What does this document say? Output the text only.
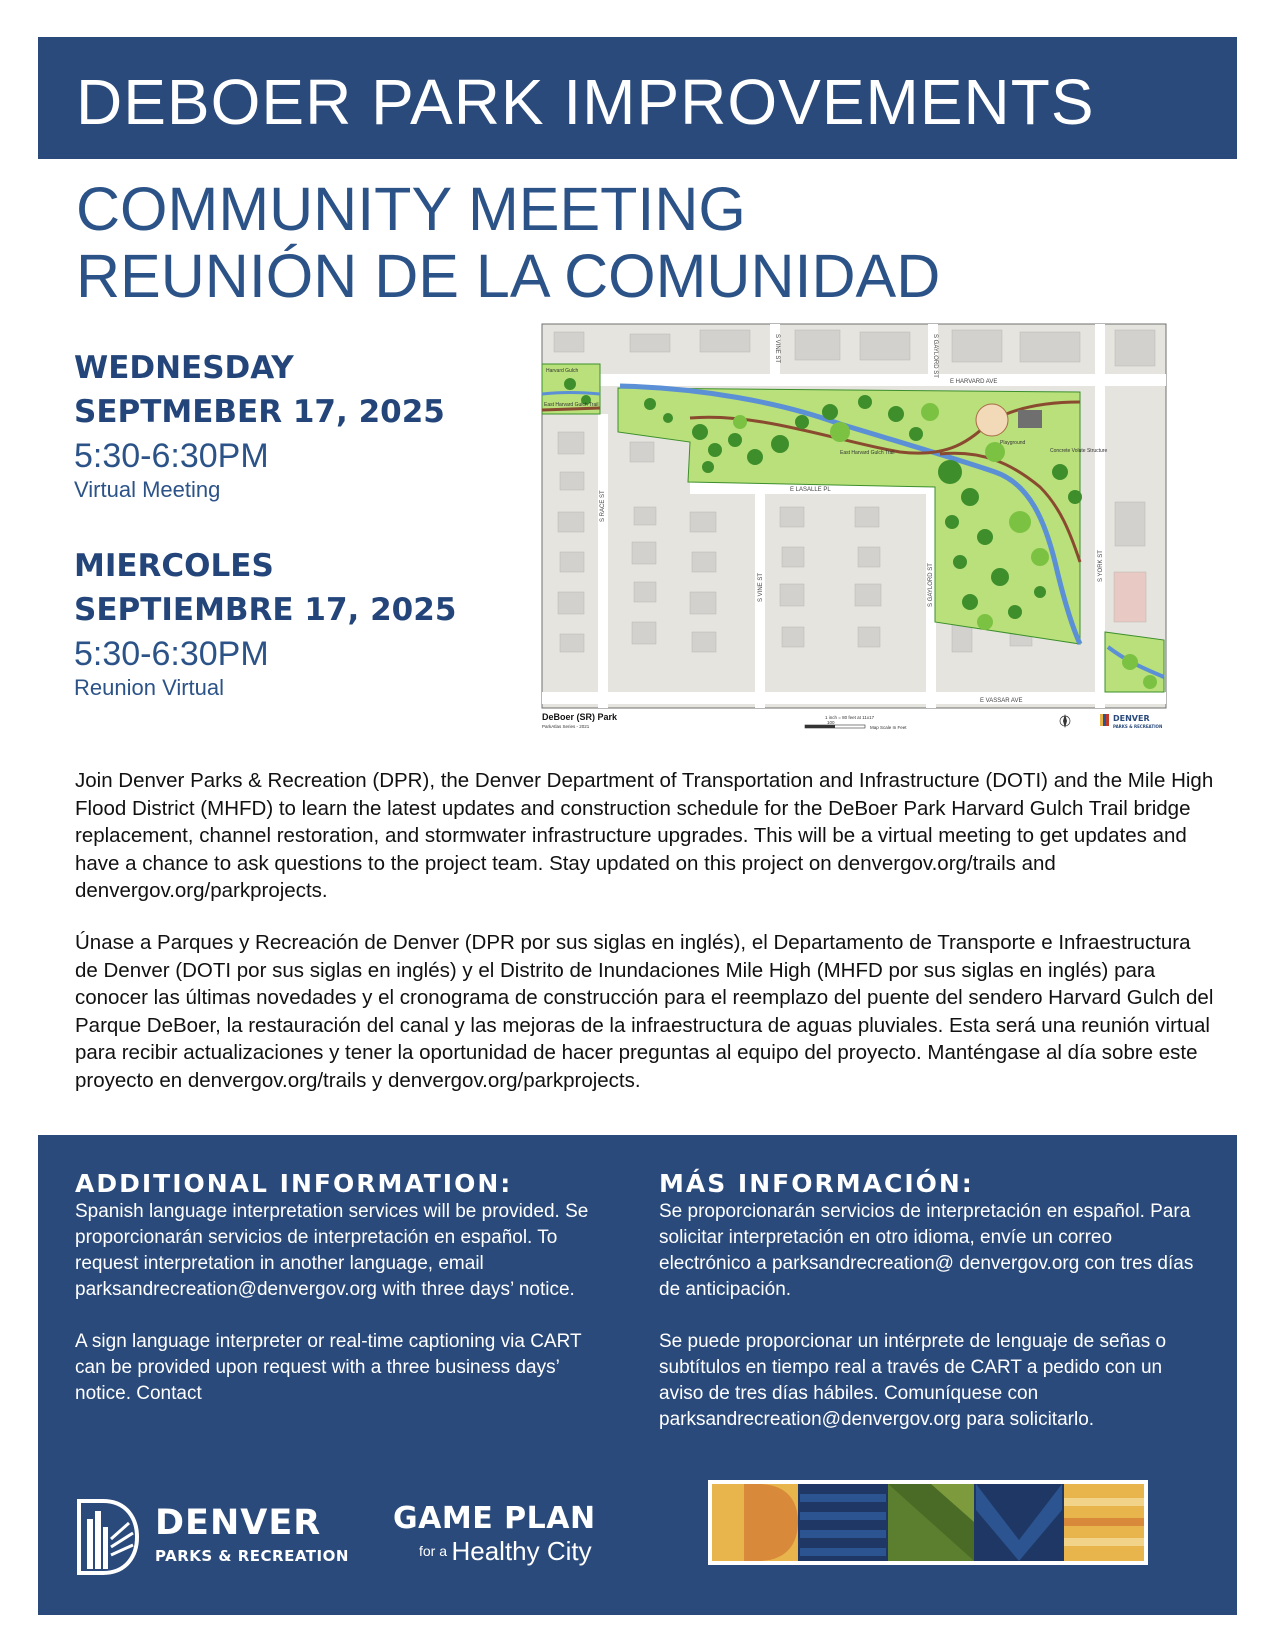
DEBOER PARK IMPROVEMENTS
COMMUNITY MEETING
REUNIÓN DE LA COMUNIDAD
WEDNESDAY
SEPTMEBER 17, 2025
5:30-6:30PM
Virtual Meeting
MIERCOLES
SEPTIEMBRE 17, 2025
5:30-6:30PM
Reunion Virtual
S VINE ST	S GAYLORD ST
E HARVARD AVE
E LASALLE PL
S RACE ST
S VINE ST	S GAYLORD ST	S YORK ST
E VASSAR AVE
Harvard Gulch
East Harvard Gulch Trail
East Harvard Gulch Trail
Playground
Concrete Volute Structure
DeBoer (SR) Park
ParkAtlas Series - 2021
1 inch = 80 feet at 11x17
100
Map Scale In Feet
DENVER
PARKS & RECREATION

Join Denver Parks & Recreation (DPR), the Denver Department of Transportation and Infrastructure (DOTI) and the Mile High Flood District (MHFD) to learn the latest updates and construction schedule for the DeBoer Park Harvard Gulch Trail bridge replacement, channel restoration, and stormwater infrastructure upgrades. This will be a virtual meeting to get updates and have a chance to ask questions to the project team. Stay updated on this project on denvergov.org/trails and denvergov.org/parkprojects.

Únase a Parques y Recreación de Denver (DPR por sus siglas en inglés), el Departamento de Transporte e Infraestructura de Denver (DOTI por sus siglas en inglés) y el Distrito de Inundaciones Mile High (MHFD por sus siglas en inglés) para conocer las últimas novedades y el cronograma de construcción para el reemplazo del puente del sendero Harvard Gulch del Parque DeBoer, la restauración del canal y las mejoras de la infraestructura de aguas pluviales. Esta será una reunión virtual para recibir actualizaciones y tener la oportunidad de hacer preguntas al equipo del proyecto. Manténgase al día sobre este proyecto en denvergov.org/trails y denvergov.org/parkprojects.

ADDITIONAL INFORMATION:

Spanish language interpretation services will be provided. Se proporcionarán servicios de interpretación en español. To request interpretation in another language, email parksandrecreation@denvergov.org with three days’ notice.

A sign language interpreter or real-time captioning via CART can be provided upon request with a three business days’ notice. Contact

MÁS INFORMACIÓN:

Se proporcionarán servicios de interpretación en español. Para solicitar interpretación en otro idioma, envíe un correo electrónico a parksandrecreation@ denvergov.org con tres días de anticipación.

Se puede proporcionar un intérprete de lenguaje de señas o subtítulos en tiempo real a través de CART a pedido con un aviso de tres días hábiles. Comuníquese con parksandrecreation@denvergov.org para solicitarlo.

DENVER
PARKS & RECREATION
GAME PLAN
for a Healthy City
